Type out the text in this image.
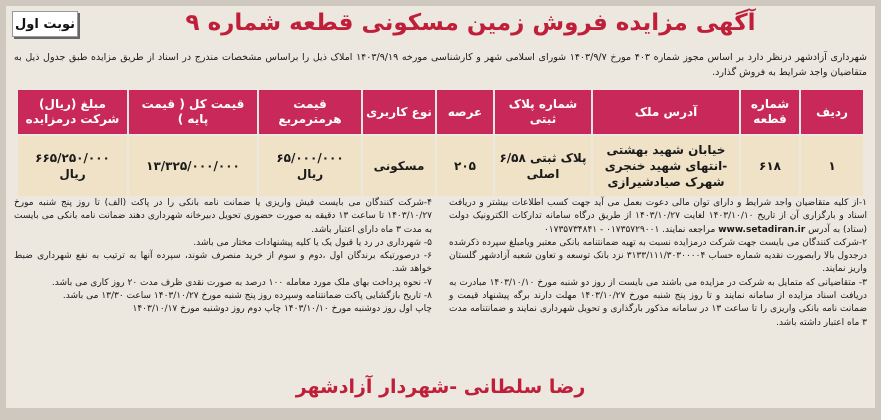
نوبت اول	آگهی مزایده فروش زمین مسکونی قطعه شماره ۹
شهرداری آزادشهر درنظر دارد بر اساس مجوز شماره ۴۰۳ مورخ ۱۴۰۳/۹/۷ شورای اسلامی شهر و کارشناسی مورخه ۱۴۰۳/۹/۱۹ املاک ذیل را براساس مشخصات مندرج در اسناد از طریق مزایده طبق جدول ذیل به متقاضیان واجد شرایط به فروش گذارد.
ردیف	شماره قطعه	آدرس ملک	شماره پلاک ثبتی	عرصه	نوع کاربری	قیمت هرمترمربع	قیمت کل ( قیمت پایه )	مبلغ (ریال) شرکت درمزایده
۱	۶۱۸	خیابان شهید بهشتی -انتهای شهید خنجری شهرک صیادشیرازی	پلاک ثبتی ۶/۵۸ اصلی	۲۰۵	مسکونی	۶۵/۰۰۰/۰۰۰ ریال	۱۳/۳۲۵/۰۰۰/۰۰۰	۶۶۵/۲۵۰/۰۰۰ ریال

۱-از کلیه متقاضیان واجد شرایط و دارای توان مالی دعوت بعمل می آید جهت کسب اطلاعات بیشتر و دریافت اسناد و بارگزاری آن از تاریخ ۱۴۰۳/۱۰/۱۰ لغایت ۱۴۰۳/۱۰/۲۷ از طریق درگاه سامانه تدارکات الکترونیک دولت (ستاد) به آدرس www.setadiran.ir مراجعه نمایند. ۰۱۷۳۵۷۲۹۰۰۱ - ۰۱۷۳۵۷۳۴۸۴۱

۲-شرکت کنندگان می بایست جهت شرکت درمزایده نسبت به تهیه ضمانتنامه بانکی معتبر ویامبلغ سپرده ذکرشده درجدول بالا رابصورت نقدیه شماره حساب ۳۱۳۳/۱۱۱/۳۰۳۰۰۰۰۴ نزد بانک توسعه و تعاون شعبه آزادشهر گلستان واریز نمایند.

۳- متقاضیانی که متمایل به شرکت در مزایده می باشند می بایست از روز دو شنبه مورخ ۱۴۰۳/۱۰/۱۰ مبادرت به دریافت اسناد مزایده از سامانه نمایند و تا روز پنج شنبه مورخ ۱۴۰۳/۱۰/۲۷ مهلت دارند برگه پیشنهاد قیمت و ضمانت نامه بانکی واریزی را تا ساعت ۱۳ در سامانه مذکور بارگذاری و تحویل شهرداری نمایند و ضمانتنامه مدت ۳ ماه اعتبار داشته باشد.

۴-شرکت کنندگان می بایست فیش واریزی یا ضمانت نامه بانکی را در پاکت (الف) تا روز پنج شنبه مورخ ۱۴۰۳/۱۰/۲۷ تا ساعت ۱۳ دقیقه به صورت حضوری تحویل دبیرخانه شهرداری دهند ضمانت نامه بانکی می بایست به مدت ۳ ماه دارای اعتبار باشد.

۵- شهرداری در رد یا قبول یک یا کلیه پیشنهادات مختار می باشد.

۶- درصورتیکه برندگان اول ،دوم و سوم از خرید منصرف شوند، سپرده آنها به ترتیب به نفع شهرداری ضبط خواهد شد.

۷- نحوه پرداخت بهای ملک مورد معامله ۱۰۰ درصد به صورت نقدی ظرف مدت ۲۰ روز کاری می باشد.

۸- تاریخ بازگشایی پاکت ضمانتنامه وسپرده روز پنج شنبه مورخ ۱۴۰۳/۱۰/۲۷ ساعت ۱۳/۳۰ می باشد.

چاپ اول روز دوشنبه مورخ ۱۴۰۳/۱۰/۱۰ چاپ دوم روز دوشنبه مورخ ۱۴۰۳/۱۰/۱۷

رضا سلطانی -شهردار آزادشهر
